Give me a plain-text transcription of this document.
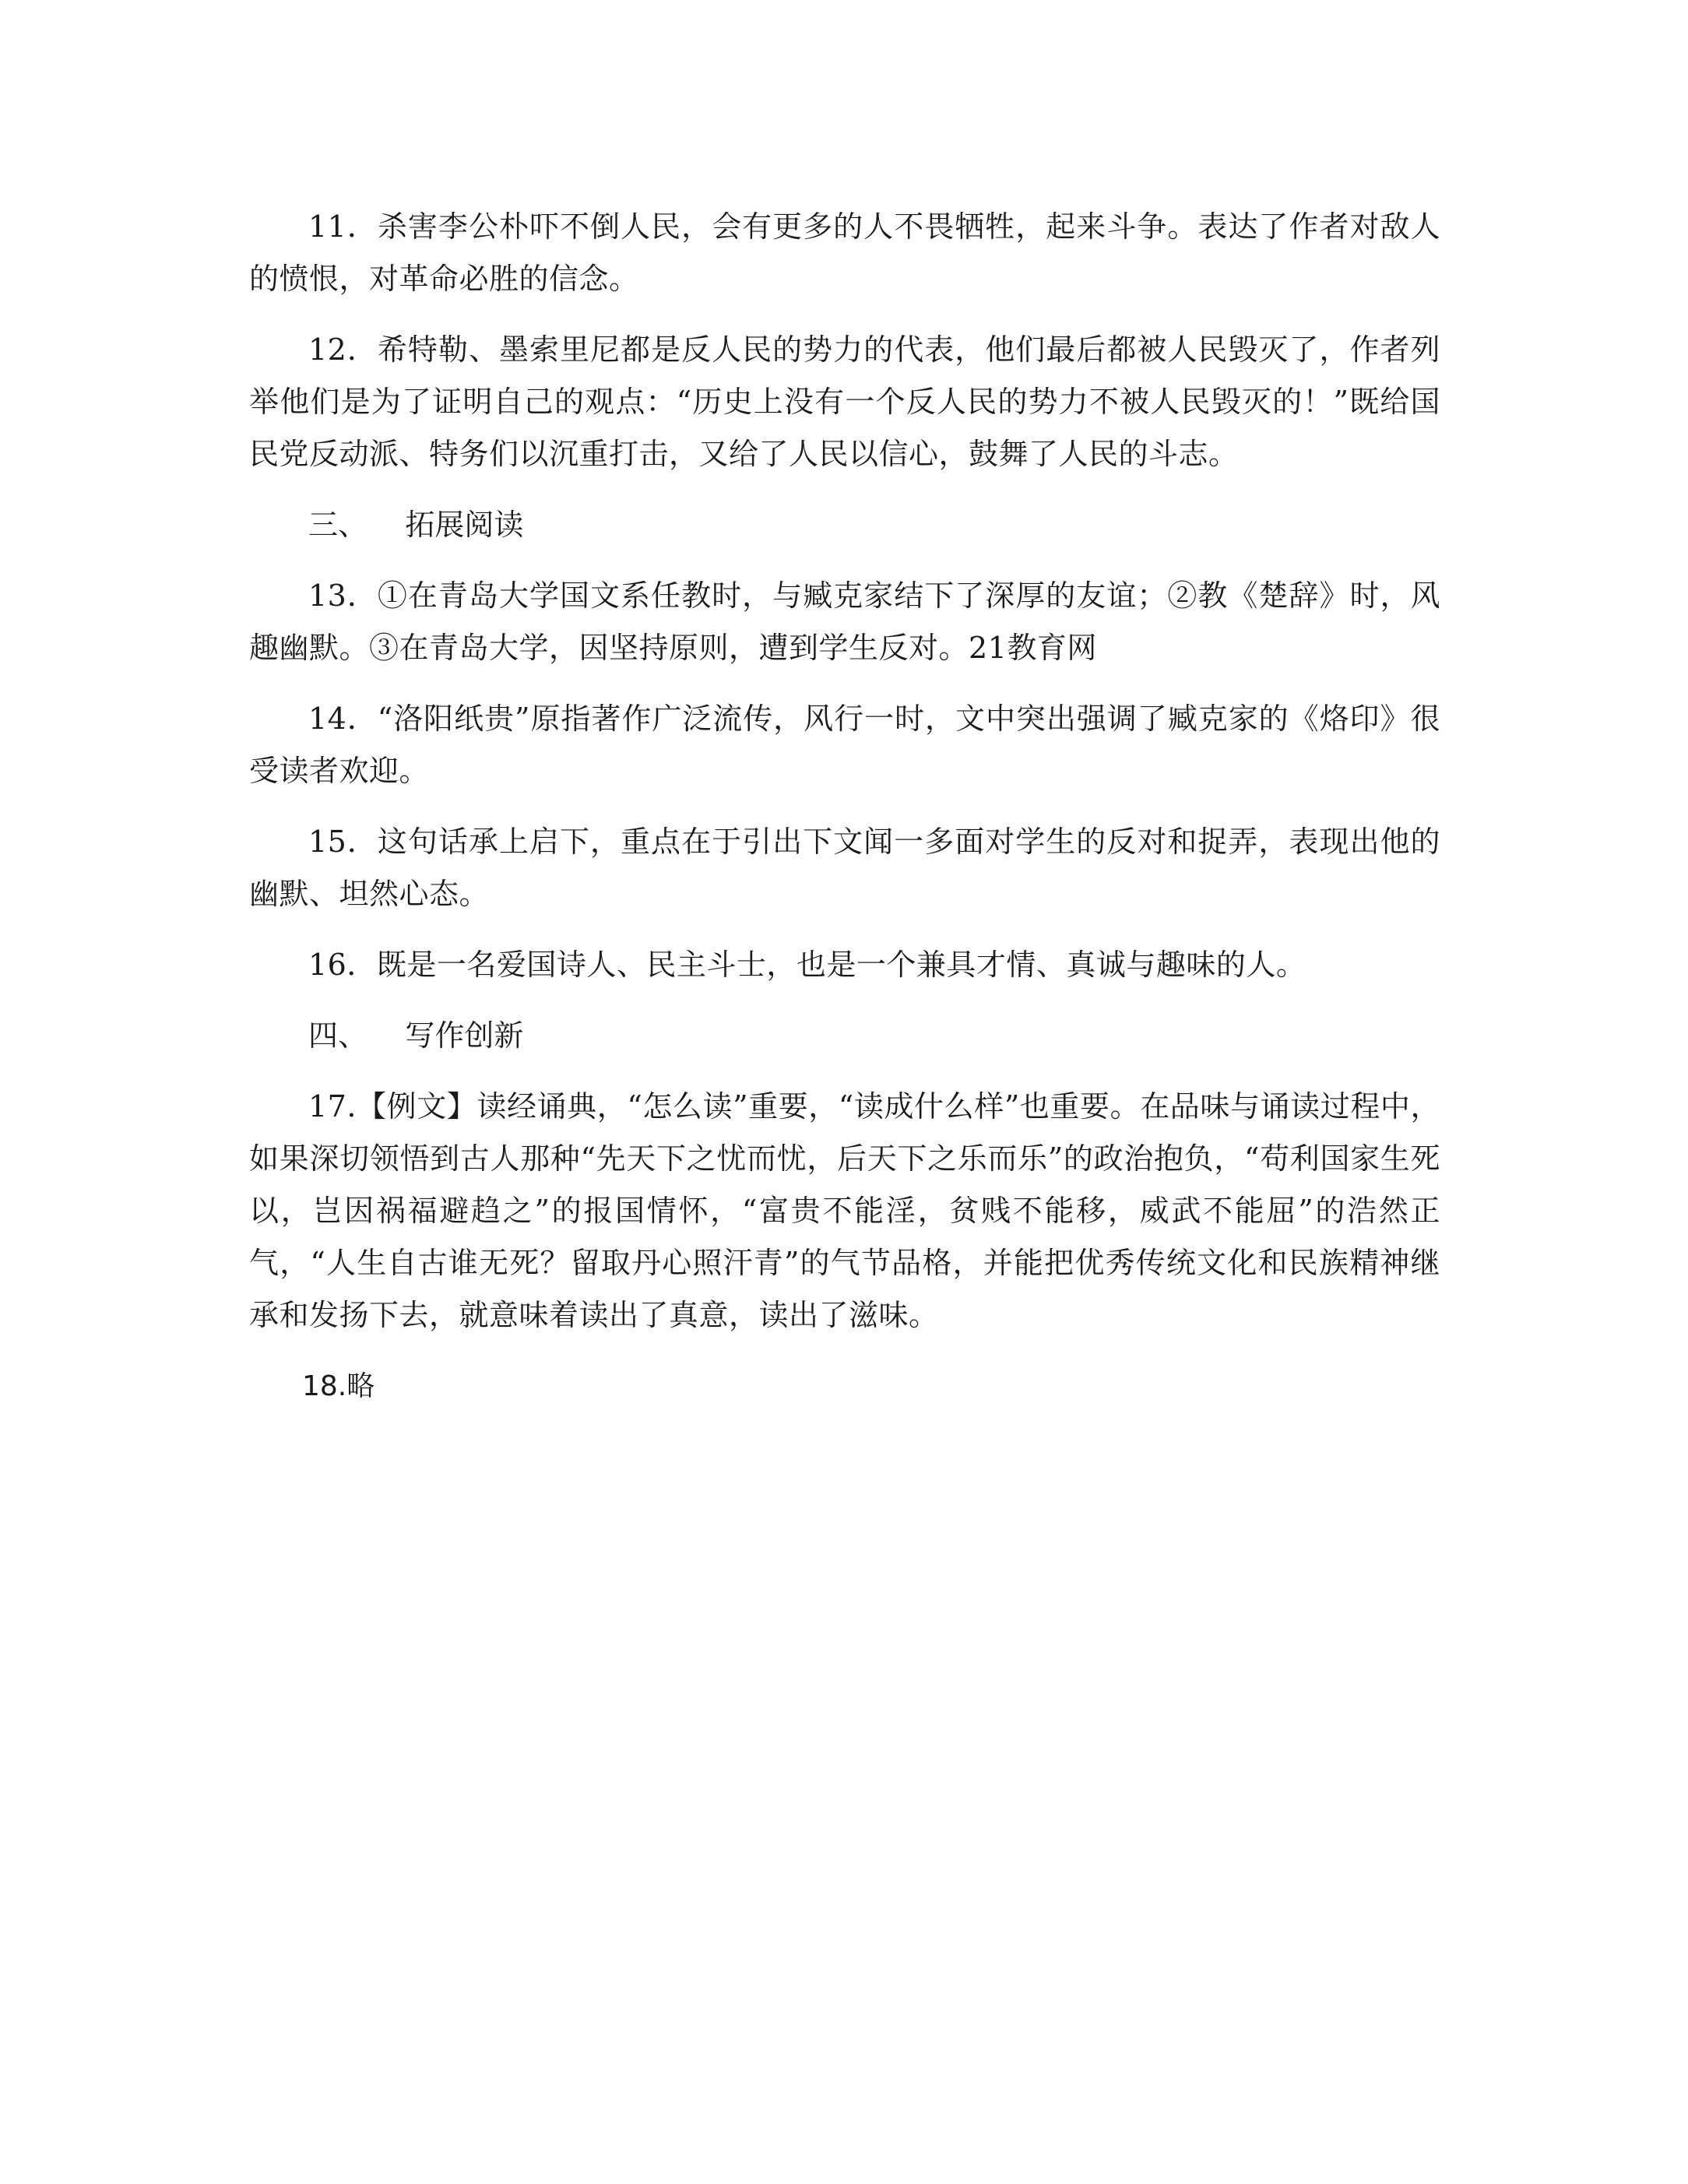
11．杀害李公朴吓不倒人民，会有更多的人不畏牺牲，起来斗争。表达了作者对敌人的愤恨，对革命必胜的信念。

12．希特勒、墨索里尼都是反人民的势力的代表，他们最后都被人民毁灭了，作者列举他们是为了证明自己的观点：“历史上没有一个反人民的势力不被人民毁灭的！”既给国民党反动派、特务们以沉重打击，又给了人民以信心，鼓舞了人民的斗志。

三、    拓展阅读

13．①在青岛大学国文系任教时，与臧克家结下了深厚的友谊；②教《楚辞》时，风趣幽默。③在青岛大学，因坚持原则，遭到学生反对。21教育网

14．“洛阳纸贵”原指著作广泛流传，风行一时，文中突出强调了臧克家的《烙印》很受读者欢迎。

15．这句话承上启下，重点在于引出下文闻一多面对学生的反对和捉弄，表现出他的幽默、坦然心态。

16．既是一名爱国诗人、民主斗士，也是一个兼具才情、真诚与趣味的人。

四、    写作创新

17.【例文】读经诵典，“怎么读”重要，“读成什么样”也重要。在品味与诵读过程中，如果深切领悟到古人那种“先天下之忧而忧，后天下之乐而乐”的政治抱负，“苟利国家生死以，岂因祸福避趋之”的报国情怀，“富贵不能淫，贫贱不能移，威武不能屈”的浩然正气，“人生自古谁无死？留取丹心照汗青”的气节品格，并能把优秀传统文化和民族精神继承和发扬下去，就意味着读出了真意，读出了滋味。

18.略
